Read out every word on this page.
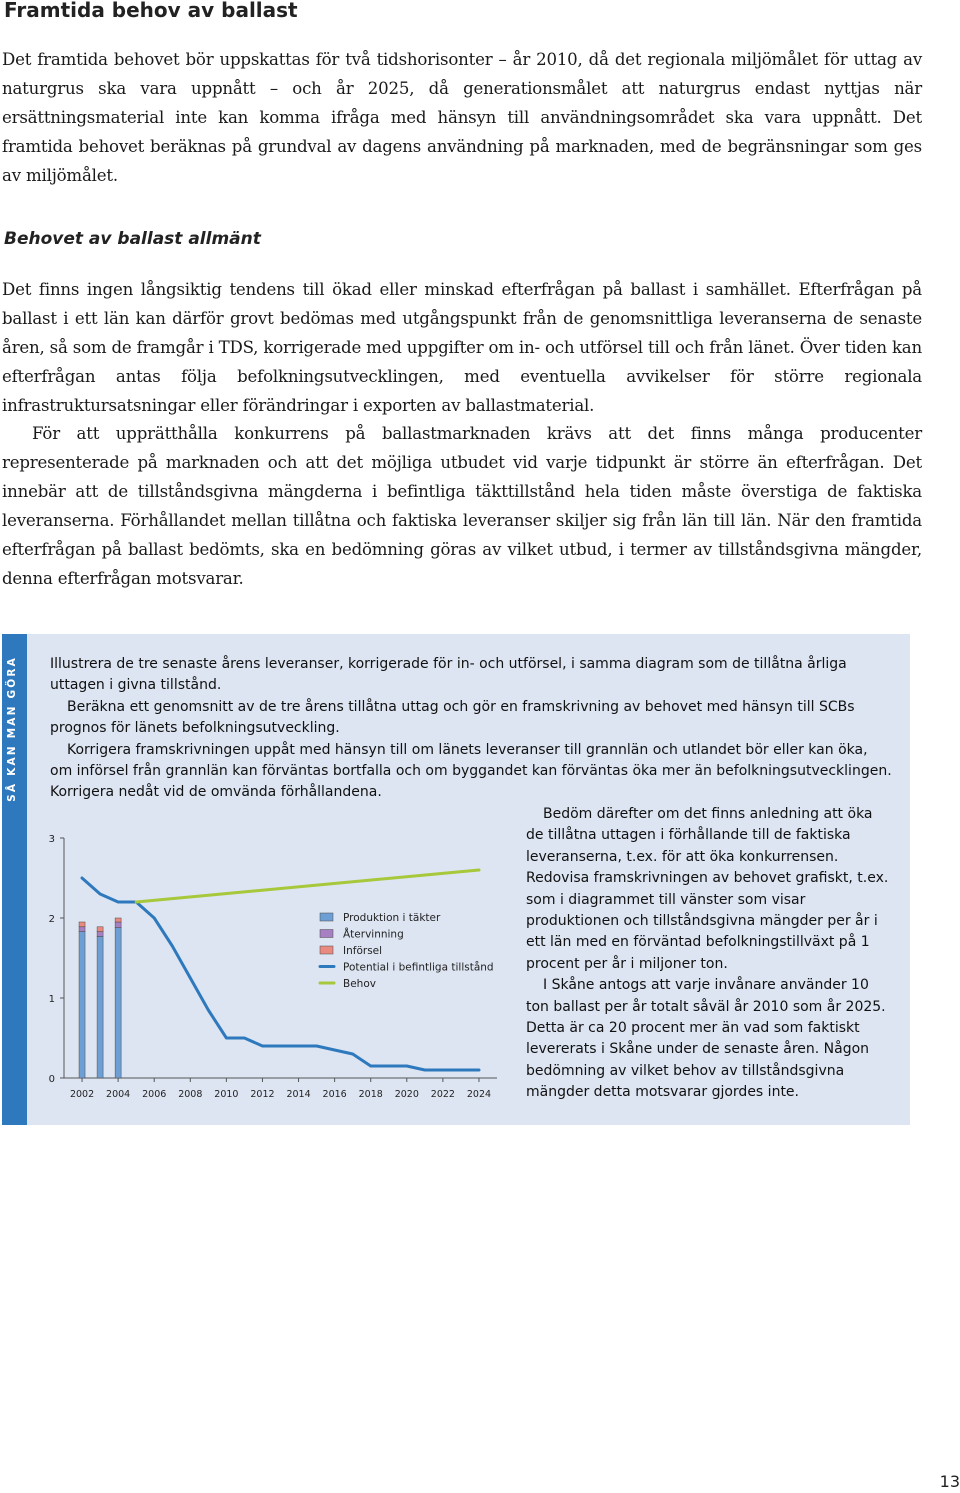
Framtida behov av ballast

Det framtida behovet bör uppskattas för två tidshorisonter – år 2010, då det regionala miljömålet för uttag av naturgrus ska vara uppnått – och år 2025, då generationsmålet att naturgrus endast nyttjas när ersättningsmaterial inte kan komma ifråga med hänsyn till användningsområdet ska vara uppnått. Det framtida behovet beräknas på grundval av dagens användning på marknaden, med de begränsningar som ges av miljömålet.

Behovet av ballast allmänt

Det finns ingen långsiktig tendens till ökad eller minskad efterfrågan på ballast i samhället. Efterfrågan på ballast i ett län kan därför grovt bedömas med utgångspunkt från de genomsnittliga leveranserna de senaste åren, så som de framgår i TDS, korrigerade med uppgifter om in- och utförsel till och från länet. Över tiden kan efterfrågan antas följa befolkningsutvecklingen, med eventuella avvikelser för större regionala infrastruktursatsningar eller förändringar i exporten av ballastmaterial.

För att upprätthålla konkurrens på ballastmarknaden krävs att det finns många producenter representerade på marknaden och att det möjliga utbudet vid varje tidpunkt är större än efterfrågan. Det innebär att de tillståndsgivna mängderna i befintliga täkttillstånd hela tiden måste överstiga de faktiska leveranserna. Förhållandet mellan tillåtna och faktiska leveranser skiljer sig från län till län. När den framtida efterfrågan på ballast bedömts, ska en bedömning göras av vilket utbud, i termer av tillståndsgivna mängder, denna efterfrågan motsvarar.

SÅ KAN MAN GÖRA Illustrera de tre senaste årens leveranser, korrigerade för in- och utförsel, i samma diagram som de tillåtna årliga uttagen i givna tillstånd.

Beräkna ett genomsnitt av de tre årens tillåtna uttag och gör en framskrivning av behovet med hänsyn till SCBs prognos för länets befolkningsutveckling.

Korrigera framskrivningen uppåt med hänsyn till om länets leveranser till grannlän och utlandet bör eller kan öka, om införsel från grannlän kan förväntas bortfalla och om byggandet kan förväntas öka mer än befolkningsutvecklingen. Korrigera nedåt vid de omvända förhållandena.

Bedöm därefter om det finns anledning att öka de tillåtna uttagen i förhållande till de faktiska leveranserna, t.ex. för att öka konkurrensen. Redovisa framskrivningen av behovet grafiskt, t.ex. som i diagrammet till vänster som visar produktionen och tillståndsgivna mängder per år i ett län med en förväntad befolkningstillväxt på 1 procent per år i miljoner ton.

I Skåne antogs att varje invånare använder 10 ton ballast per år totalt såväl år 2010 som år 2025. Detta är ca 20 procent mer än vad som faktiskt levererats i Skåne under de senaste åren. Någon bedömning av vilket behov av tillståndsgivna mängder detta motsvarar gjordes inte.

0
1
2
3
2002 2004 2006 2008 2010 2012 2014 2016 2018 2020 2022 2024
Produktion i täkter
Återvinning
Införsel
Potential i befintliga tillstånd
Behov

13
